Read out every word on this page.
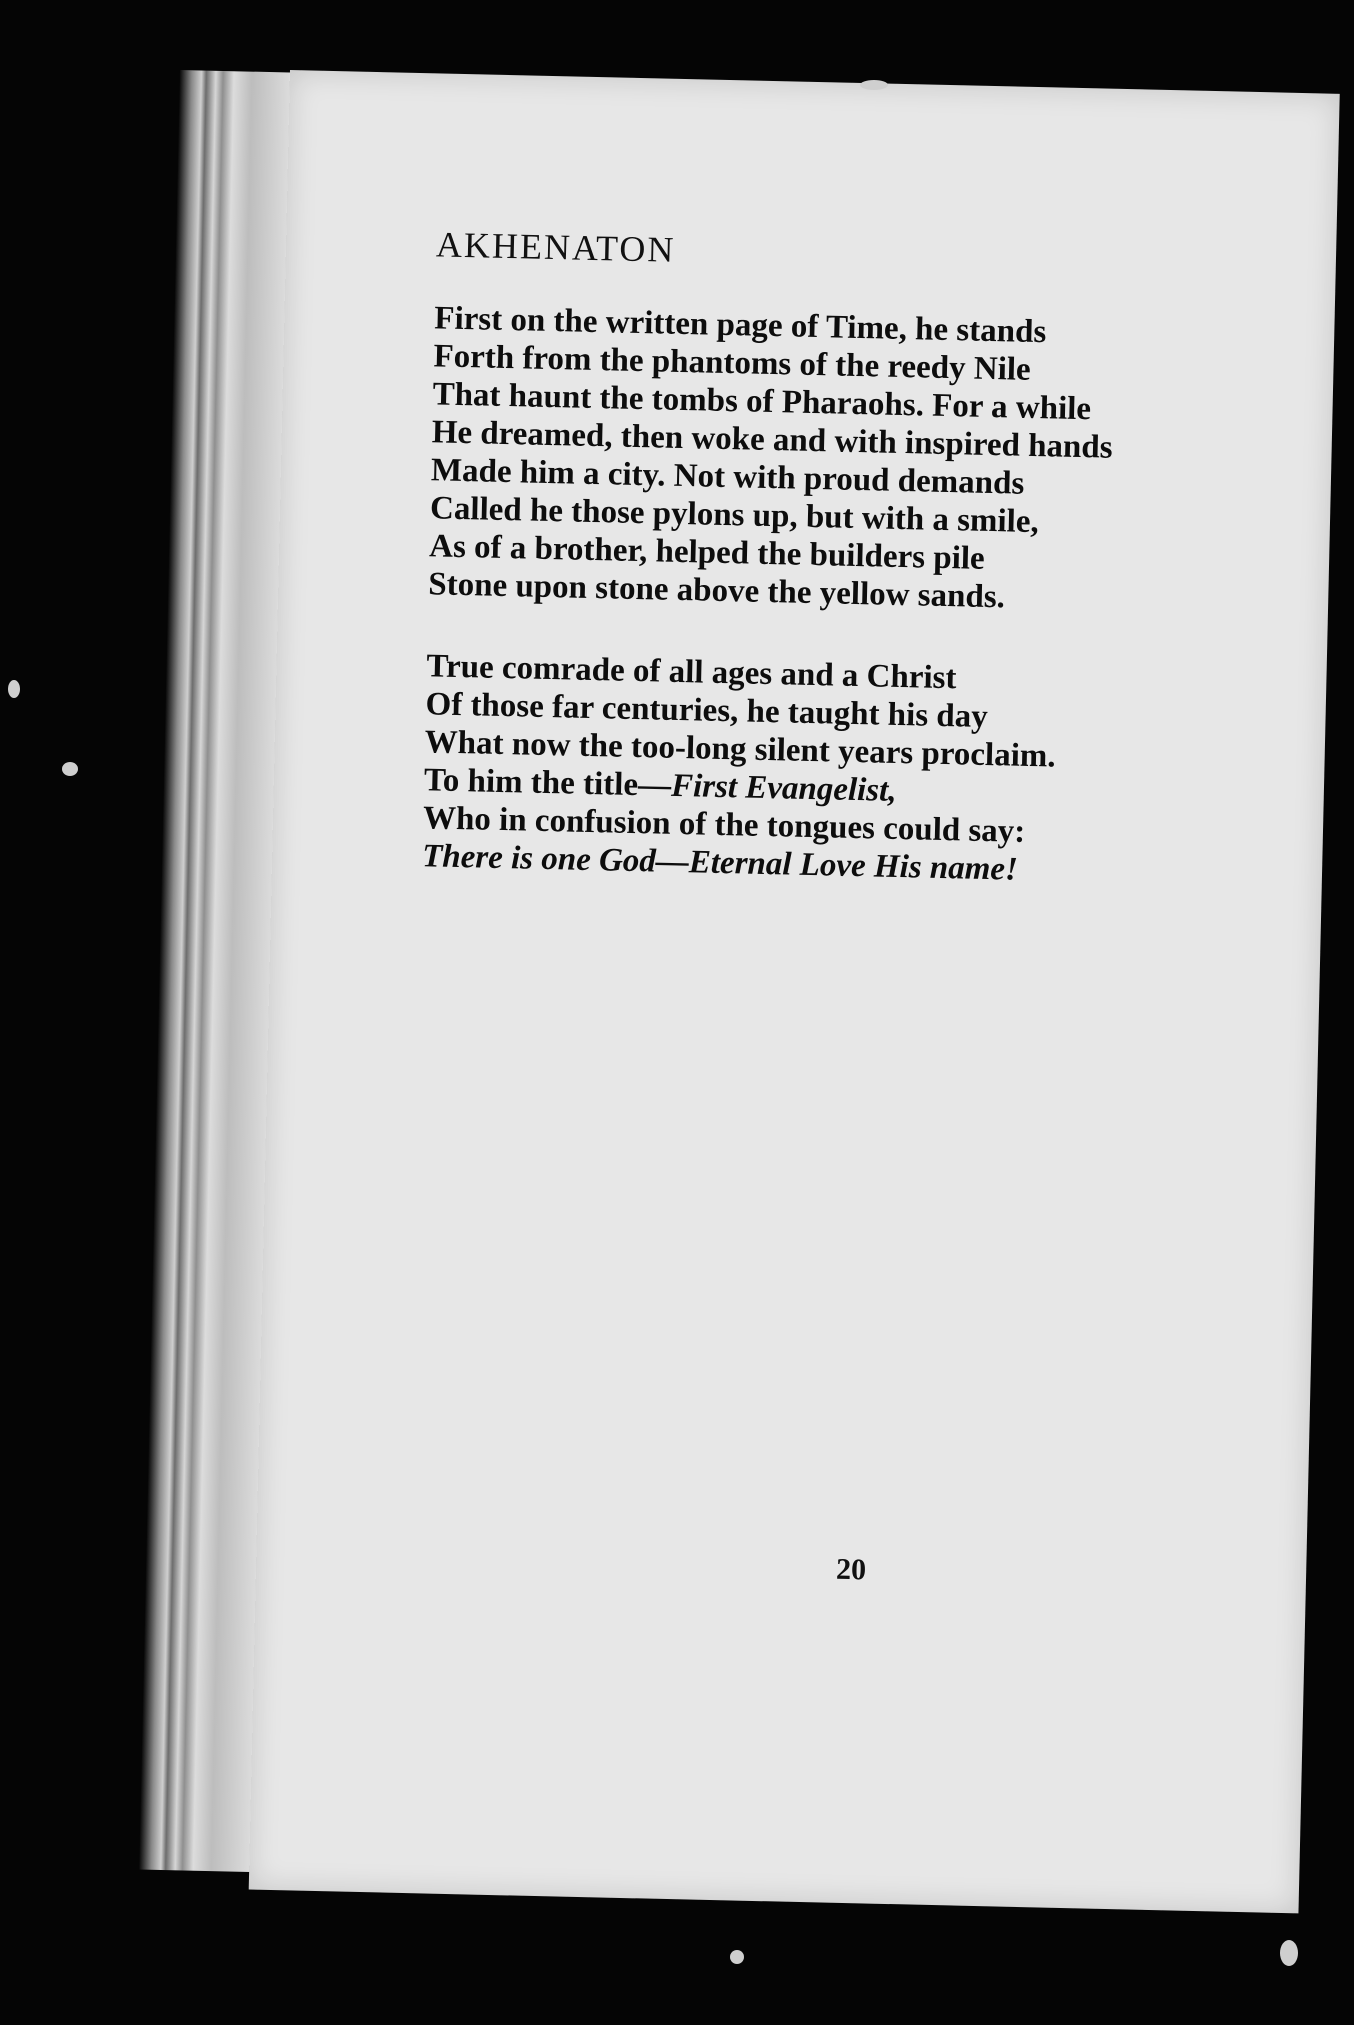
AKHENATON
First on the written page of Time, he stands
Forth from the phantoms of the reedy Nile
That haunt the tombs of Pharaohs. For a while
He dreamed, then woke and with inspired hands
Made him a city. Not with proud demands
Called he those pylons up, but with a smile,
As of a brother, helped the builders pile
Stone upon stone above the yellow sands.
True comrade of all ages and a Christ
Of those far centuries, he taught his day
What now the too-long silent years proclaim.
To him the title—First Evangelist,
Who in confusion of the tongues could say:
There is one God—Eternal Love His name!
20
